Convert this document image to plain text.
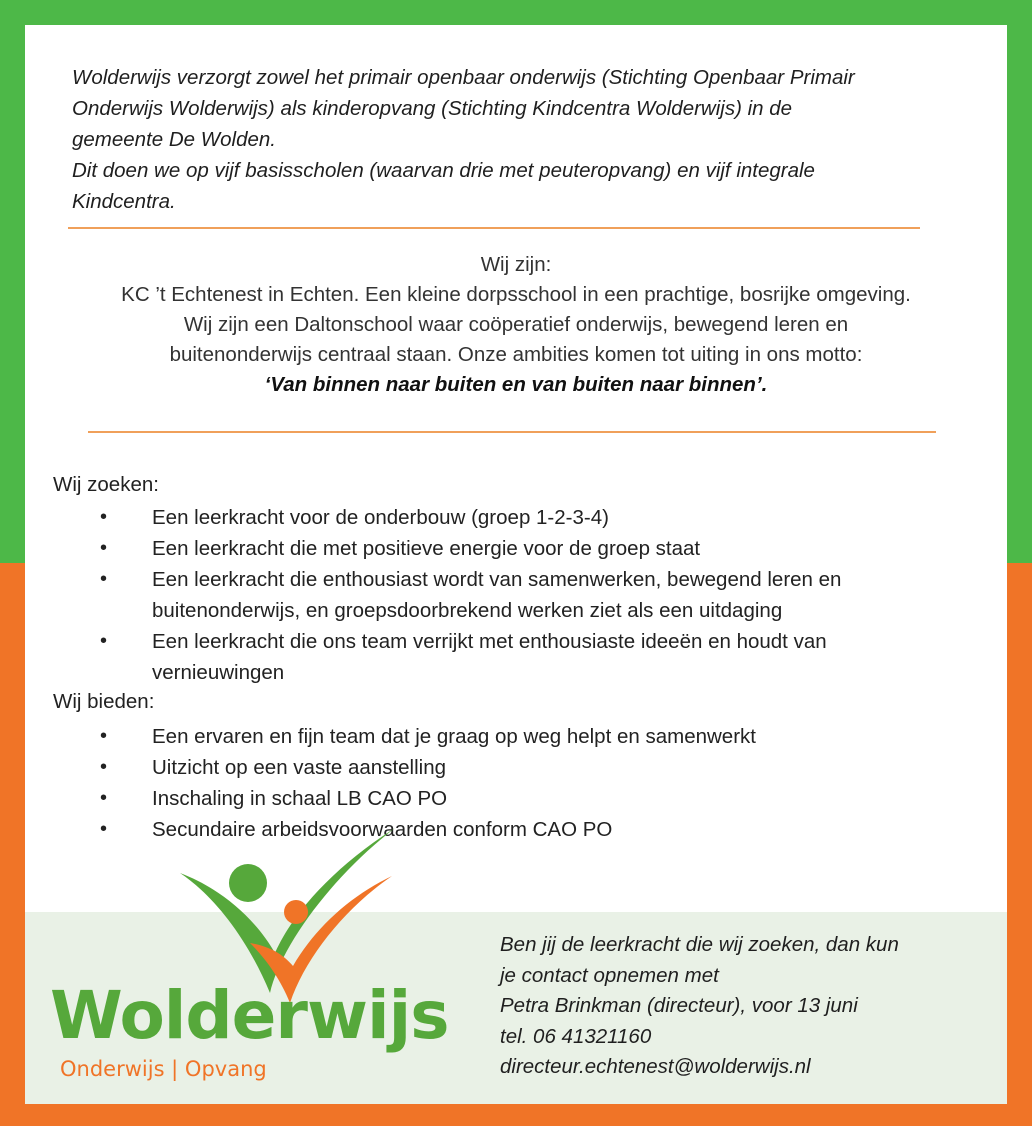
Wolderwijs verzorgt zowel het primair openbaar onderwijs (Stichting Openbaar Primair

Onderwijs Wolderwijs) als kinderopvang (Stichting Kindcentra Wolderwijs) in de

gemeente De Wolden.

Dit doen we op vijf basisscholen (waarvan drie met peuteropvang) en vijf integrale

Kindcentra.

Wij zijn:
KC ’t Echtenest in Echten. Een kleine dorpsschool in een prachtige, bosrijke omgeving.
Wij zijn een Daltonschool waar coöperatief onderwijs, bewegend leren en
buitenonderwijs centraal staan. Onze ambities komen tot uiting in ons motto:
‘Van binnen naar buiten en van buiten naar binnen’.
Wij zoeken:
• Een leerkracht voor de onderbouw (groep 1-2-3-4)
• Een leerkracht die met positieve energie voor de groep staat
• Een leerkracht die enthousiast wordt van samenwerken, bewegend leren en
buitenonderwijs, en groepsdoorbrekend werken ziet als een uitdaging
• Een leerkracht die ons team verrijkt met enthousiaste ideeën en houdt van
vernieuwingen
Wij bieden:
• Een ervaren en fijn team dat je graag op weg helpt en samenwerkt
• Uitzicht op een vaste aanstelling
• Inschaling in schaal LB CAO PO
• Secundaire arbeidsvoorwaarden conform CAO PO
Wolderwijs
Onderwijs | Opvang
Ben jij de leerkracht die wij zoeken, dan kun
je contact opnemen met
Petra Brinkman (directeur), voor 13 juni
tel. 06 41321160
directeur.echtenest@wolderwijs.nl
